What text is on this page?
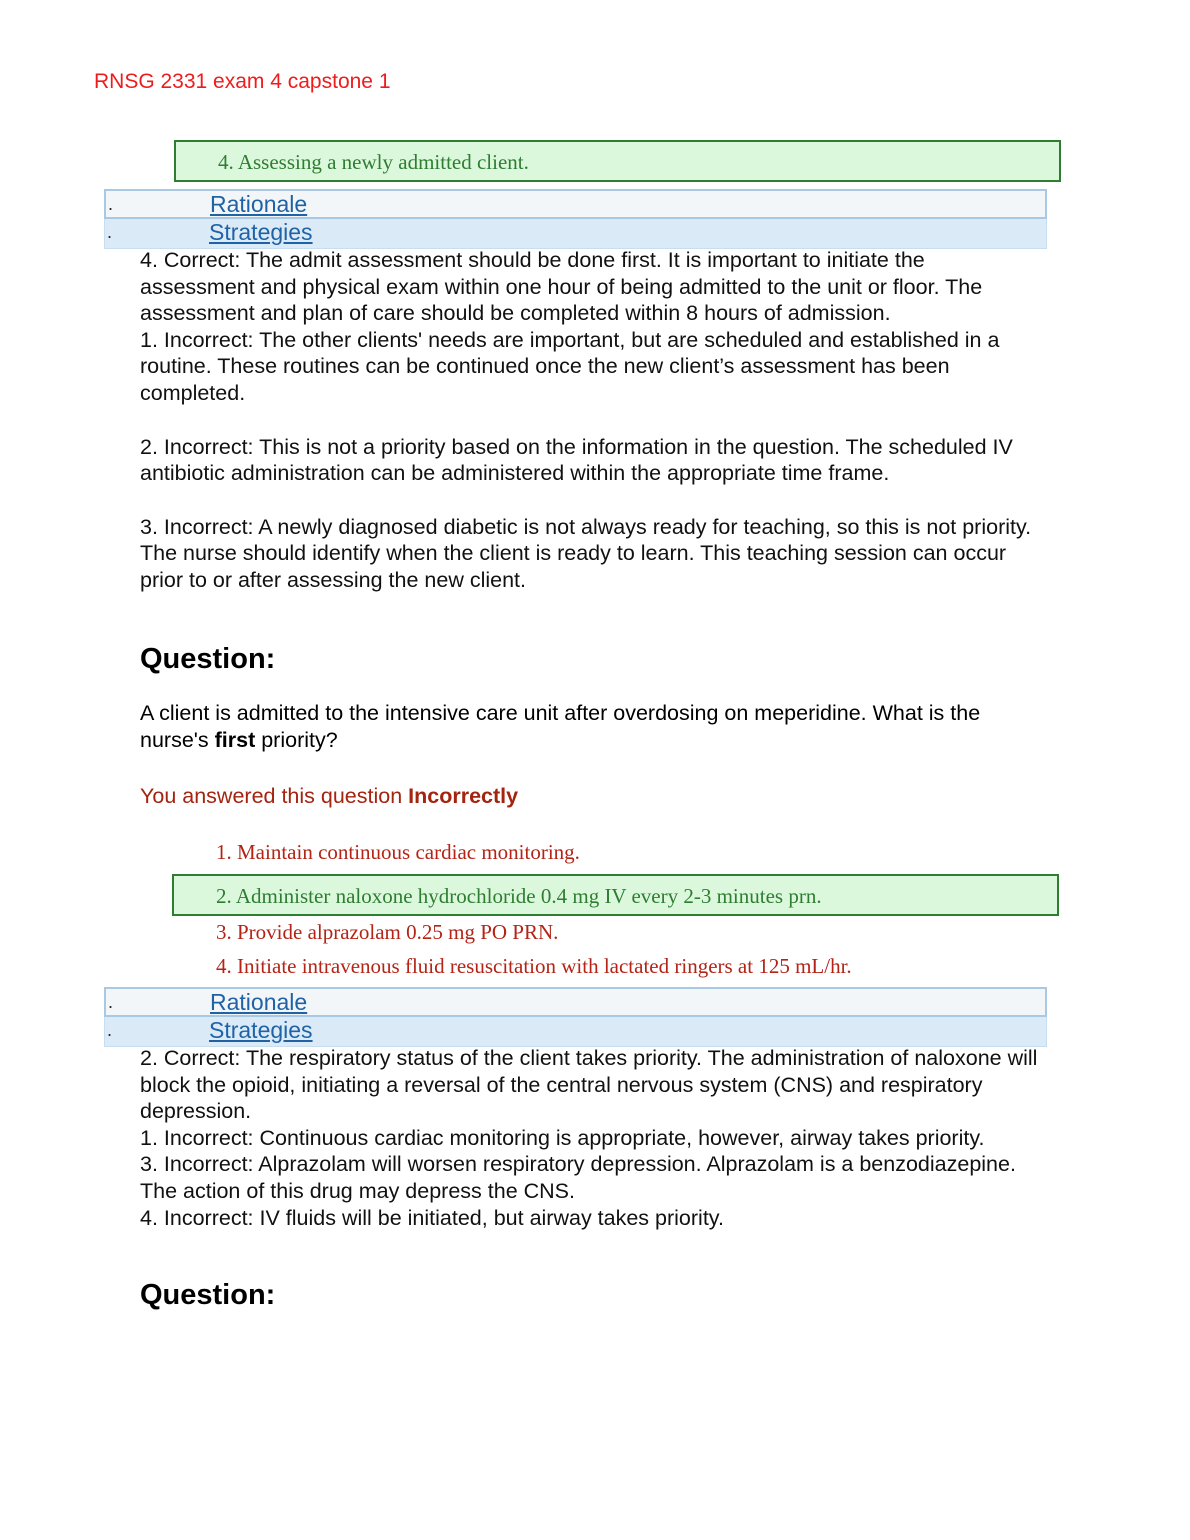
RNSG 2331 exam 4 capstone 1
4. Assessing a newly admitted client.
.	Rationale
.	Strategies

4. Correct: The admit assessment should be done first. It is important to initiate the assessment and physical exam within one hour of being admitted to the unit or floor. The assessment and plan of care should be completed within 8 hours of admission.

1. Incorrect: The other clients' needs are important, but are scheduled and established in a routine. These routines can be continued once the new client’s assessment has been completed.

2. Incorrect: This is not a priority based on the information in the question. The scheduled IV antibiotic administration can be administered within the appropriate time frame.

3. Incorrect: A newly diagnosed diabetic is not always ready for teaching, so this is not priority. The nurse should identify when the client is ready to learn. This teaching session can occur prior to or after assessing the new client.

Question:
A client is admitted to the intensive care unit after overdosing on meperidine. What is the nurse's first priority?
You answered this question Incorrectly
1. Maintain continuous cardiac monitoring.
2. Administer naloxone hydrochloride 0.4 mg IV every 2-3 minutes prn.
3. Provide alprazolam 0.25 mg PO PRN.
4. Initiate intravenous fluid resuscitation with lactated ringers at 125 mL/hr.
.	Rationale
.	Strategies

2. Correct: The respiratory status of the client takes priority. The administration of naloxone will block the opioid, initiating a reversal of the central nervous system (CNS) and respiratory depression.

1. Incorrect: Continuous cardiac monitoring is appropriate, however, airway takes priority.

3. Incorrect: Alprazolam will worsen respiratory depression. Alprazolam is a benzodiazepine. The action of this drug may depress the CNS.

4. Incorrect: IV fluids will be initiated, but airway takes priority.

Question:
